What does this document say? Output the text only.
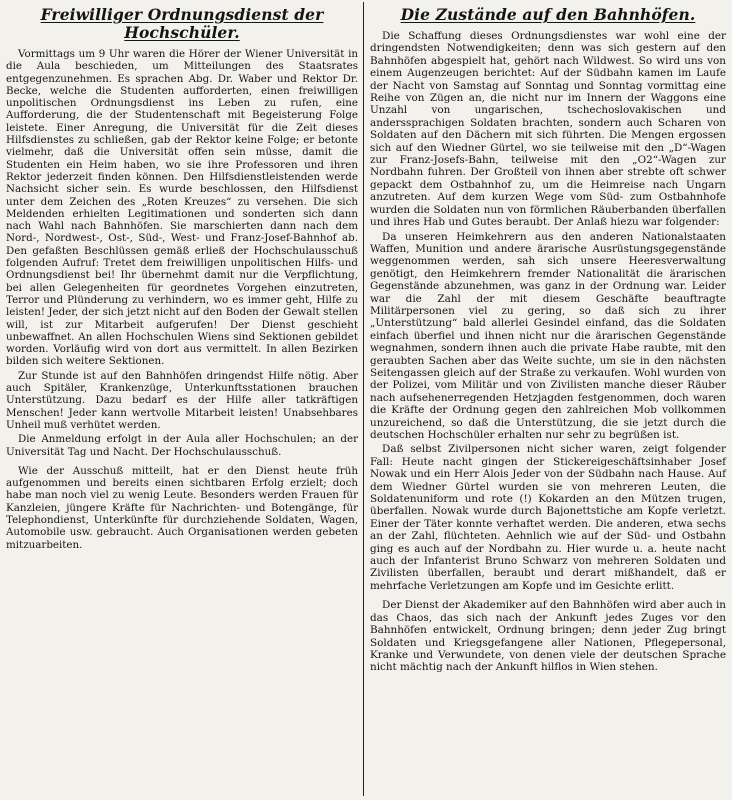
Freiwilliger Ordnungsdienst der Hochschüler.

Vormittags um 9 Uhr waren die Hörer der Wiener Universität in die Aula beschieden, um Mitteilungen des Staatsrates entgegenzunehmen. Es sprachen Abg. Dr. Waber und Rektor Dr. Becke, welche die Studenten aufforderten, einen freiwilligen unpolitischen Ordnungsdienst ins Leben zu rufen, eine Aufforderung, die der Studentenschaft mit Begeisterung Folge leistete. Einer Anregung, die Universität für die Zeit dieses Hilfsdienstes zu schließen, gab der Rektor keine Folge; er betonte vielmehr, daß die Universität offen sein müsse, damit die Studenten ein Heim haben, wo sie ihre Professoren und ihren Rektor jederzeit finden können. Den Hilfsdienstleistenden werde Nachsicht sicher sein. Es wurde beschlossen, den Hilfsdienst unter dem Zeichen des „Roten Kreuzes“ zu versehen. Die sich Meldenden erhielten Legitimationen und sonderten sich dann nach Wahl nach Bahnhöfen. Sie marschierten dann nach dem Nord-, Nordwest-, Ost-, Süd-, West- und Franz-Josef-Bahnhof ab. Den gefaßten Beschlüssen gemäß erließ der Hochschulausschuß folgenden Aufruf: Tretet dem freiwilligen unpolitischen Hilfs- und Ordnungsdienst bei! Ihr übernehmt damit nur die Verpflichtung, bei allen Gelegenheiten für geordnetes Vorgehen einzutreten, Terror und Plünderung zu verhindern, wo es immer geht, Hilfe zu leisten! Jeder, der sich jetzt nicht auf den Boden der Gewalt stellen will, ist zur Mitarbeit aufgerufen! Der Dienst geschieht unbewaffnet. An allen Hochschulen Wiens sind Sektionen gebildet worden. Vorläufig wird von dort aus vermittelt. In allen Bezirken bilden sich weitere Sektionen.

Zur Stunde ist auf den Bahnhöfen dringendst Hilfe nötig. Aber auch Spitäler, Krankenzüge, Unterkunftsstationen brauchen Unterstützung. Dazu bedarf es der Hilfe aller tatkräftigen Menschen! Jeder kann wertvolle Mitarbeit leisten! Unabsehbares Unheil muß verhütet werden.

Die Anmeldung erfolgt in der Aula aller Hochschulen; an der Universität Tag und Nacht. Der Hochschulausschuß.

Wie der Ausschuß mitteilt, hat er den Dienst heute früh aufgenommen und bereits einen sichtbaren Erfolg erzielt; doch habe man noch viel zu wenig Leute. Besonders werden Frauen für Kanzleien, jüngere Kräfte für Nachrichten- und Botengänge, für Telephondienst, Unterkünfte für durchziehende Soldaten, Wagen, Automobile usw. gebraucht. Auch Organisationen werden gebeten mitzuarbeiten.

Die Zustände auf den Bahnhöfen.

Die Schaffung dieses Ordnungsdienstes war wohl eine der dringendsten Notwendigkeiten; denn was sich gestern auf den Bahnhöfen abgespielt hat, gehört nach Wildwest. So wird uns von einem Augenzeugen berichtet: Auf der Südbahn kamen im Laufe der Nacht von Samstag auf Sonntag und Sonntag vormittag eine Reihe von Zügen an, die nicht nur im Innern der Waggons eine Unzahl von ungarischen, tschechoslovakischen und anderssprachigen Soldaten brachten, sondern auch Scharen von Soldaten auf den Dächern mit sich führten. Die Mengen ergossen sich auf den Wiedner Gürtel, wo sie teilweise mit den „D“-Wagen zur Franz-Josefs-Bahn, teilweise mit den „O2“-Wagen zur Nordbahn fuhren. Der Großteil von ihnen aber strebte oft schwer gepackt dem Ostbahnhof zu, um die Heimreise nach Ungarn anzutreten. Auf dem kurzen Wege vom Süd- zum Ostbahnhofe wurden die Soldaten nun von förmlichen Räuberbanden überfallen und ihres Hab und Gutes beraubt. Der Anlaß hiezu war folgender:

Da unseren Heimkehrern aus den anderen Nationalstaaten Waffen, Munition und andere ärarische Ausrüstungsgegenstände weggenommen werden, sah sich unsere Heeresverwaltung genötigt, den Heimkehrern fremder Nationalität die ärarischen Gegenstände abzunehmen, was ganz in der Ordnung war. Leider war die Zahl der mit diesem Geschäfte beauftragte Militärpersonen viel zu gering, so daß sich zu ihrer „Unterstützung“ bald allerlei Gesindel einfand, das die Soldaten einfach überfiel und ihnen nicht nur die ärarischen Gegenstände wegnahmen, sondern ihnen auch die private Habe raubte, mit den geraubten Sachen aber das Weite suchte, um sie in den nächsten Seitengassen gleich auf der Straße zu verkaufen. Wohl wurden von der Polizei, vom Militär und von Zivilisten manche dieser Räuber nach aufsehenerregenden Hetzjagden festgenommen, doch waren die Kräfte der Ordnung gegen den zahlreichen Mob vollkommen unzureichend, so daß die Unterstützung, die sie jetzt durch die deutschen Hochschüler erhalten nur sehr zu begrüßen ist.

Daß selbst Zivilpersonen nicht sicher waren, zeigt folgender Fall: Heute nacht gingen der Stickereigeschäftsinhaber Josef Nowak und ein Herr Alois Jeder von der Südbahn nach Hause. Auf dem Wiedner Gürtel wurden sie von mehreren Leuten, die Soldatenuniform und rote (!) Kokarden an den Mützen trugen, überfallen. Nowak wurde durch Bajonettstiche am Kopfe verletzt. Einer der Täter konnte verhaftet werden. Die anderen, etwa sechs an der Zahl, flüchteten. Aehnlich wie auf der Süd- und Ostbahn ging es auch auf der Nordbahn zu. Hier wurde u. a. heute nacht auch der Infanterist Bruno Schwarz von mehreren Soldaten und Zivilisten überfallen, beraubt und derart mißhandelt, daß er mehrfache Verletzungen am Kopfe und im Gesichte erlitt.

Der Dienst der Akademiker auf den Bahnhöfen wird aber auch in das Chaos, das sich nach der Ankunft jedes Zuges vor den Bahnhöfen entwickelt, Ordnung bringen; denn jeder Zug bringt Soldaten und Kriegsgefangene aller Nationen, Pflegepersonal, Kranke und Verwundete, von denen viele der deutschen Sprache nicht mächtig nach der Ankunft hilflos in Wien stehen.
